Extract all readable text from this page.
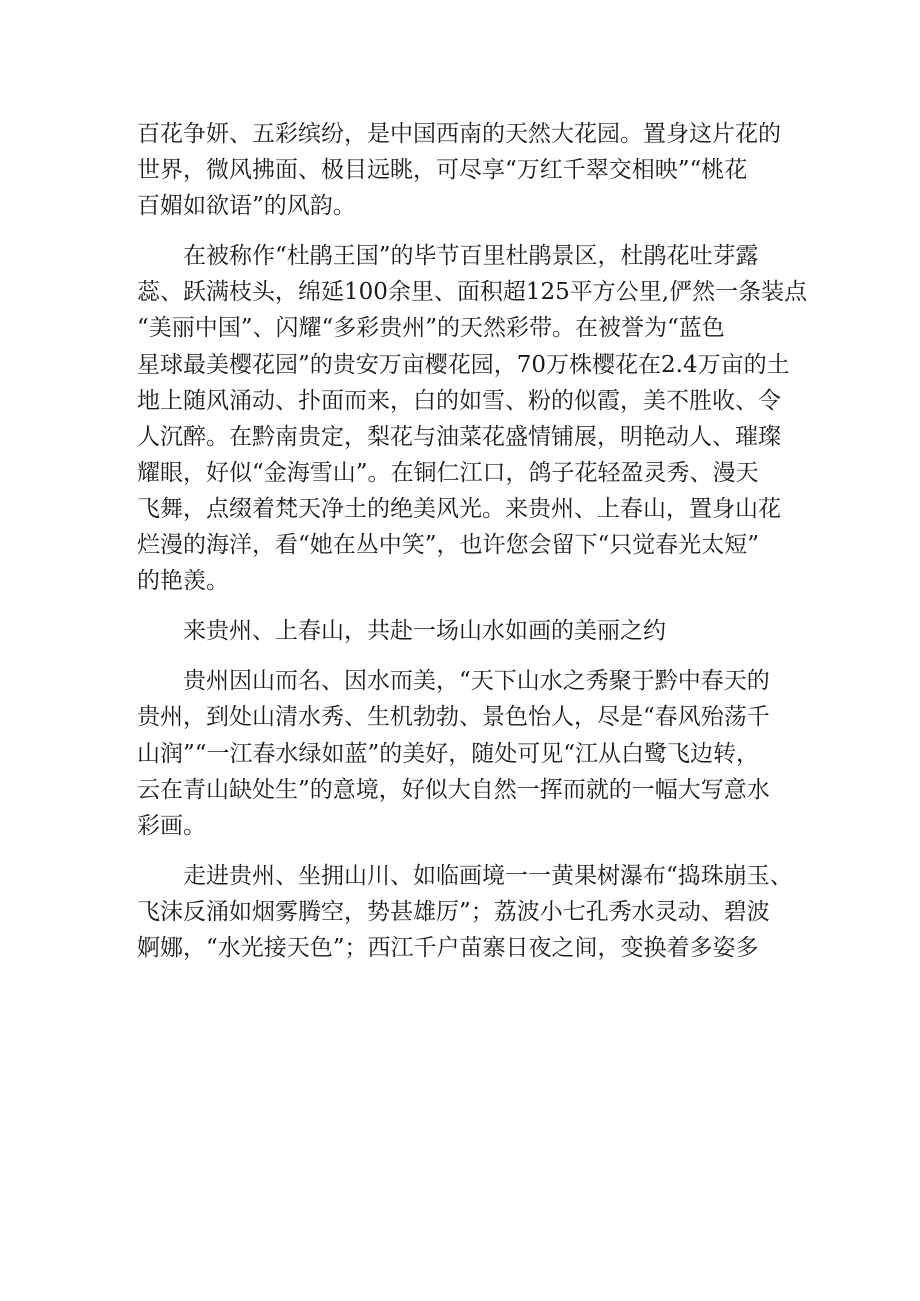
百花争妍、五彩缤纷，是中国西南的天然大花园。置身这片花的
世界，微风拂面、极目远眺，可尽享“万红千翠交相映”“桃花
百媚如欲语”的风韵。

在被称作“杜鹃王国”的毕节百里杜鹃景区，杜鹃花吐芽露
蕊、跃满枝头，绵延100余里、面积超125平方公里,俨然一条装点
“美丽中国”、闪耀“多彩贵州”的天然彩带。在被誉为“蓝色
星球最美樱花园”的贵安万亩樱花园，70万株樱花在2.4万亩的土
地上随风涌动、扑面而来，白的如雪、粉的似霞，美不胜收、令
人沉醉。在黔南贵定，梨花与油菜花盛情铺展，明艳动人、璀璨
耀眼，好似“金海雪山”。在铜仁江口，鸽子花轻盈灵秀、漫天
飞舞，点缀着梵天净土的绝美风光。来贵州、上春山，置身山花
烂漫的海洋，看“她在丛中笑”，也许您会留下“只觉春光太短”
的艳羡。

来贵州、上春山，共赴一场山水如画的美丽之约

贵州因山而名、因水而美，“天下山水之秀聚于黔中春天的
贵州，到处山清水秀、生机勃勃、景色怡人，尽是“春风殆荡千
山润”“一江春水绿如蓝”的美好，随处可见“江从白鹭飞边转，
云在青山缺处生”的意境，好似大自然一挥而就的一幅大写意水
彩画。

走进贵州、坐拥山川、如临画境一一黄果树瀑布“捣珠崩玉、
飞沫反涌如烟雾腾空，势甚雄厉”；荔波小七孔秀水灵动、碧波
婀娜，“水光接天色”；西江千户苗寨日夜之间，变换着多姿多
